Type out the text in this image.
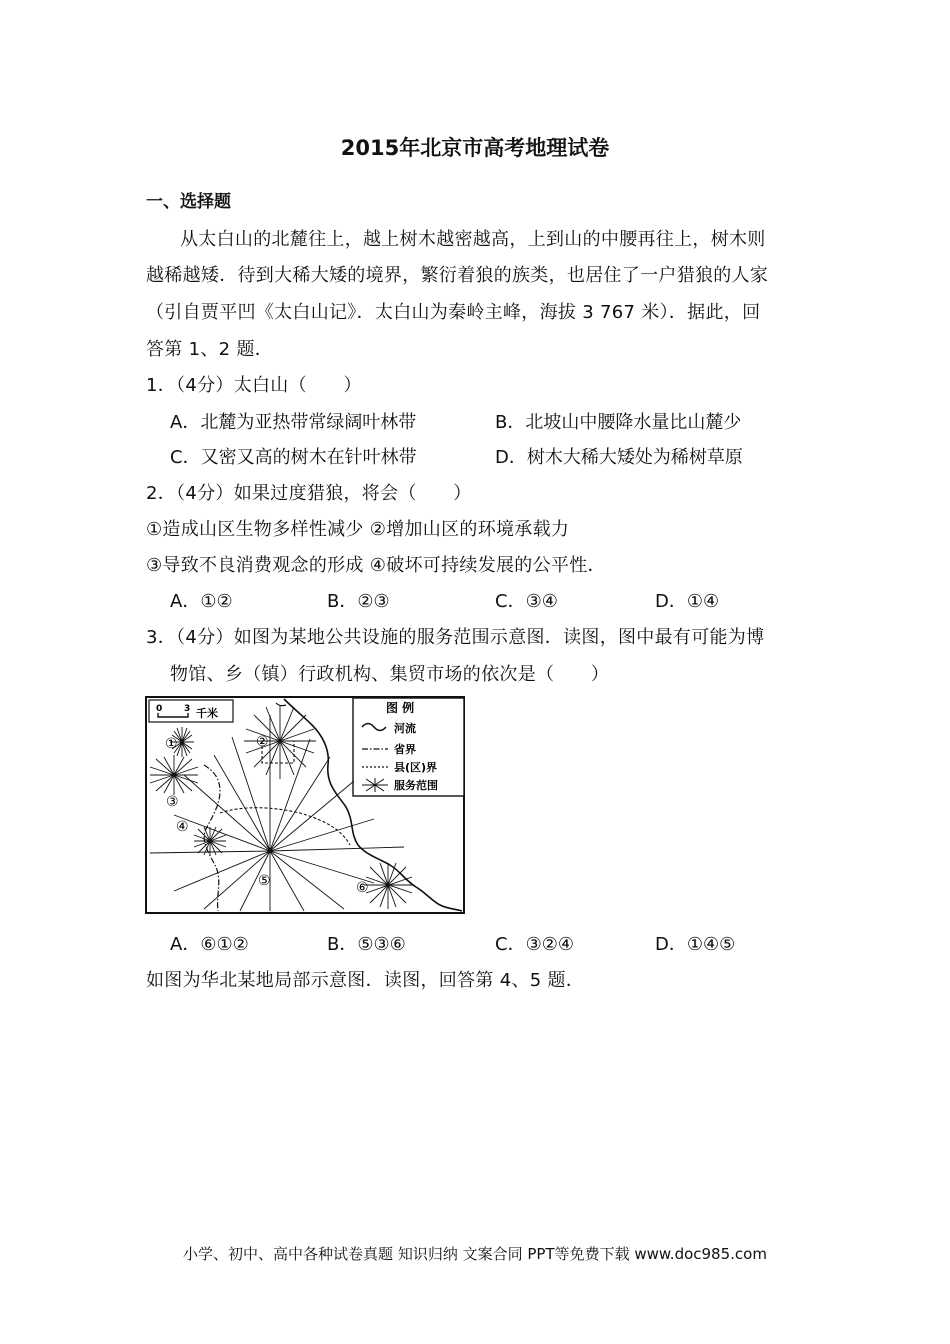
2015年北京市高考地理试卷
一、选择题
从太白山的北麓往上，越上树木越密越高，上到山的中腰再往上，树木则
越稀越矮．待到大稀大矮的境界，繁衍着狼的族类，也居住了一户猎狼的人家
（引自贾平凹《太白山记》．太白山为秦岭主峰，海拔 3 767 米）．据此，回
答第 1、2 题．
1．（4分）太白山（　　）
A．北麓为亚热带常绿阔叶林带	B．北坡山中腰降水量比山麓少
C．又密又高的树木在针叶林带	D．树木大稀大矮处为稀树草原
2．（4分）如果过度猎狼，将会（　　）
①造成山区生物多样性减少 ②增加山区的环境承载力
③导致不良消费观念的形成 ④破坏可持续发展的公平性．
A．①②	B．②③	C．③④	D．①④
3．（4分）如图为某地公共设施的服务范围示意图．读图，图中最有可能为博
物馆、乡（镇）行政机构、集贸市场的依次是（　　）
0 3 千米	图 例
河流
省界
县(区)界
服务范围
①	②
③
④
⑤	⑥
A．⑥①②	B．⑤③⑥	C．③②④	D．①④⑤
如图为华北某地局部示意图．读图，回答第 4、5 题．
小学、初中、高中各种试卷真题 知识归纳 文案合同 PPT等免费下载 www.doc985.com
